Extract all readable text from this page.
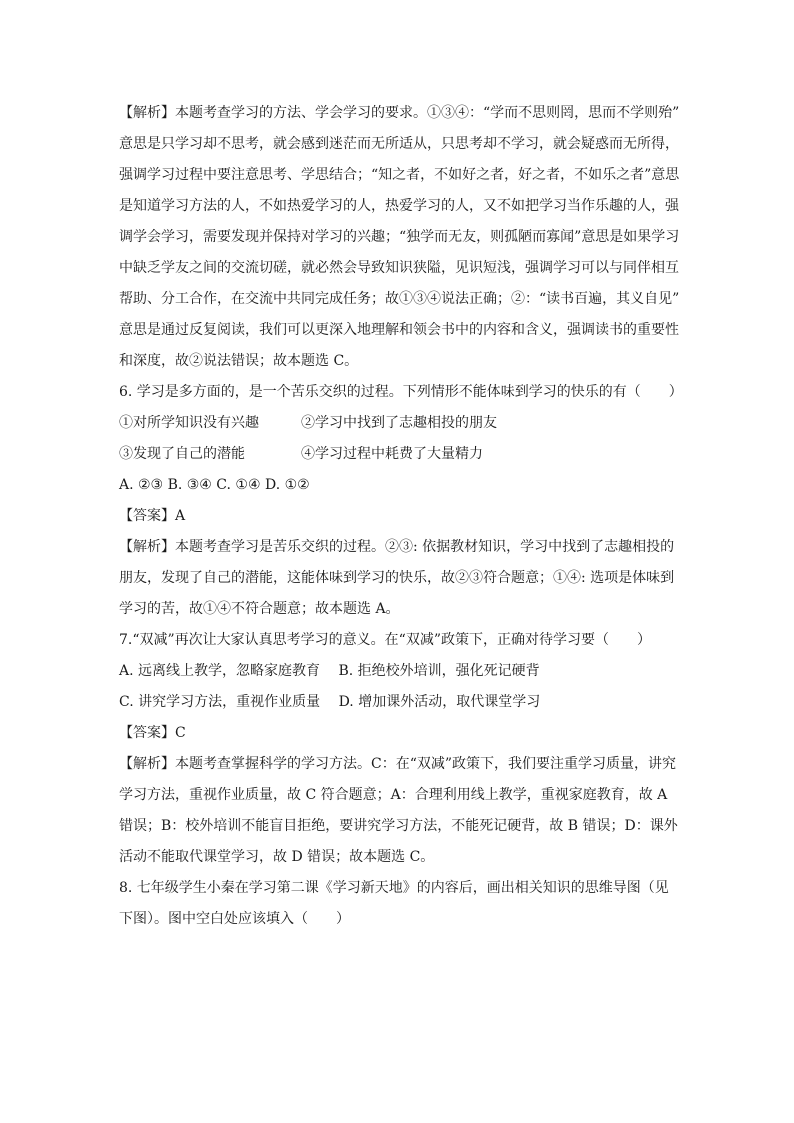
【解析】本题考查学习的方法、学会学习的要求。①③④：“学而不思则罔，思而不学则殆”
意思是只学习却不思考，就会感到迷茫而无所适从，只思考却不学习，就会疑惑而无所得，
强调学习过程中要注意思考、学思结合；“知之者，不如好之者，好之者，不如乐之者”意思
是知道学习方法的人，不如热爱学习的人，热爱学习的人，又不如把学习当作乐趣的人，强
调学会学习，需要发现并保持对学习的兴趣；“独学而无友，则孤陋而寡闻”意思是如果学习
中缺乏学友之间的交流切磋，就必然会导致知识狭隘，见识短浅，强调学习可以与同伴相互
帮助、分工合作，在交流中共同完成任务；故①③④说法正确；②：“读书百遍，其义自见”
意思是通过反复阅读，我们可以更深入地理解和领会书中的内容和含义，强调读书的重要性
和深度，故②说法错误；故本题选 C。
6. 学习是多方面的，是一个苦乐交织的过程。下列情形不能体味到学习的快乐的有（　　）
①对所学知识没有兴趣　　　②学习中找到了志趣相投的朋友
③发现了自己的潜能　　　　④学习过程中耗费了大量精力
A. ②③ B. ③④ C. ①④ D. ①②
【答案】A
【解析】本题考查学习是苦乐交织的过程。②③: 依据教材知识，学习中找到了志趣相投的
朋友，发现了自己的潜能，这能体味到学习的快乐，故②③符合题意；①④: 选项是体味到
学习的苦，故①④不符合题意；故本题选 A。
7.“双减”再次让大家认真思考学习的意义。在“双减”政策下，正确对待学习要（　　）
A. 远离线上教学，忽略家庭教育　 B. 拒绝校外培训，强化死记硬背
C. 讲究学习方法，重视作业质量　 D. 增加课外活动，取代课堂学习
【答案】C
【解析】本题考查掌握科学的学习方法。C：在“双减”政策下，我们要注重学习质量，讲究
学习方法，重视作业质量，故 C 符合题意；A：合理利用线上教学，重视家庭教育，故 A
错误；B：校外培训不能盲目拒绝，要讲究学习方法，不能死记硬背，故 B 错误；D：课外
活动不能取代课堂学习，故 D 错误；故本题选 C。
8. 七年级学生小秦在学习第二课《学习新天地》的内容后，画出相关知识的思维导图（见
下图）。图中空白处应该填入（　　）
